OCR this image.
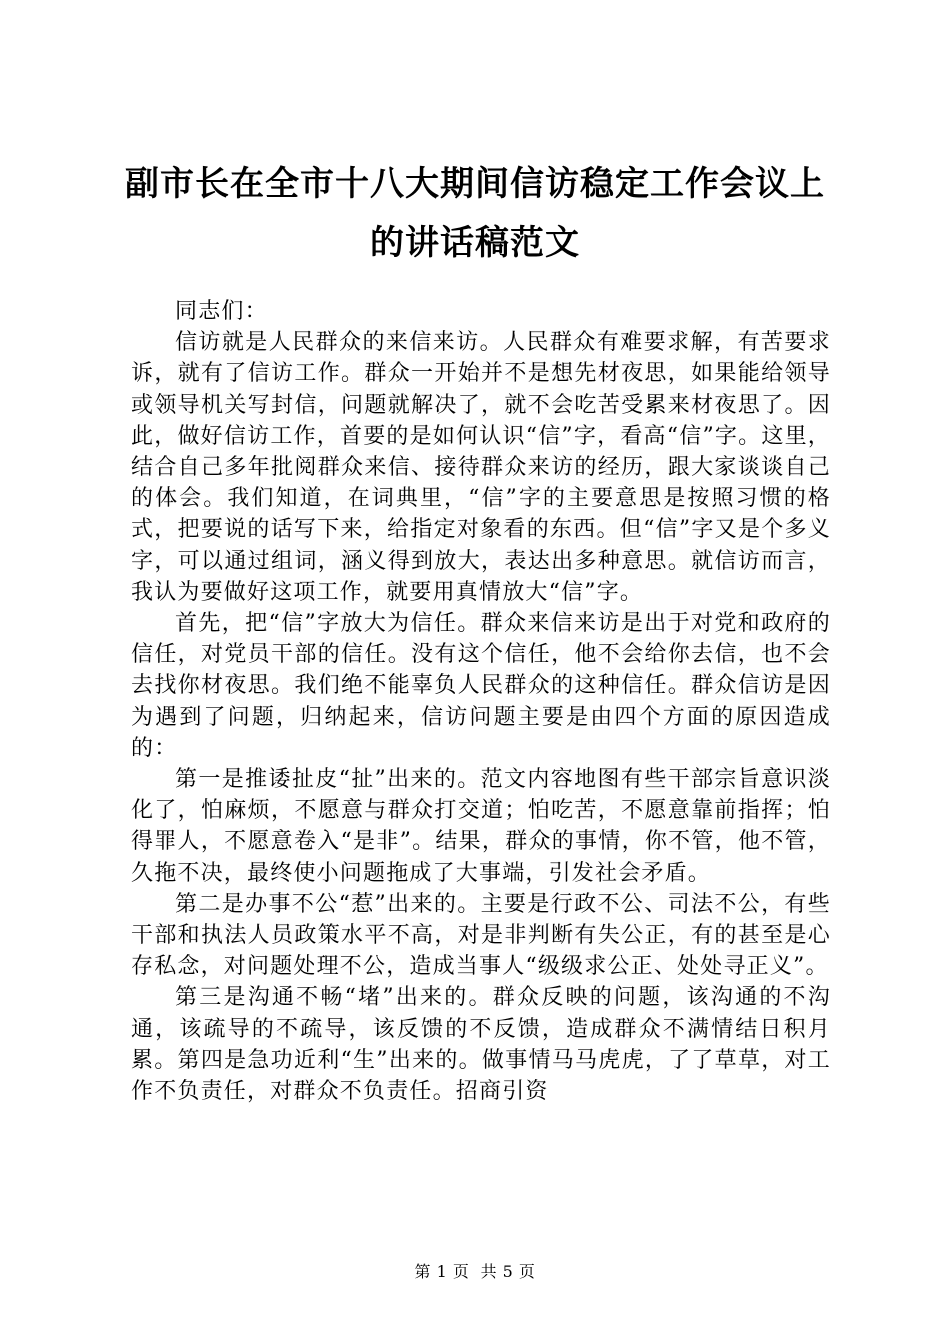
副市长在全市十八大期间信访稳定工作会议上
的讲话稿范文

同志们：

信访就是人民群众的来信来访。人民群众有难要求解，有苦要求诉，就有了信访工作。群众一开始并不是想先材夜思，如果能给领导或领导机关写封信，问题就解决了，就不会吃苦受累来材夜思了。因此，做好信访工作，首要的是如何认识“信”字，看高“信”字。这里，结合自己多年批阅群众来信、接待群众来访的经历，跟大家谈谈自己的体会。我们知道，在词典里，“信”字的主要意思是按照习惯的格式，把要说的话写下来，给指定对象看的东西。但“信”字又是个多义字，可以通过组词，涵义得到放大，表达出多种意思。就信访而言，我认为要做好这项工作，就要用真情放大“信”字。

首先，把“信”字放大为信任。群众来信来访是出于对党和政府的信任，对党员干部的信任。没有这个信任，他不会给你去信，也不会去找你材夜思。我们绝不能辜负人民群众的这种信任。群众信访是因为遇到了问题，归纳起来，信访问题主要是由四个方面的原因造成的：

第一是推诿扯皮“扯”出来的。范文内容地图有些干部宗旨意识淡化了，怕麻烦，不愿意与群众打交道；怕吃苦，不愿意靠前指挥；怕得罪人，不愿意卷入“是非”。结果，群众的事情，你不管，他不管，久拖不决，最终使小问题拖成了大事端，引发社会矛盾。

第二是办事不公“惹”出来的。主要是行政不公、司法不公，有些干部和执法人员政策水平不高，对是非判断有失公正，有的甚至是心存私念，对问题处理不公，造成当事人“级级求公正、处处寻正义”。

第三是沟通不畅“堵”出来的。群众反映的问题，该沟通的不沟通，该疏导的不疏导，该反馈的不反馈，造成群众不满情结日积月累。第四是急功近利“生”出来的。做事情马马虎虎，了了草草，对工作不负责任，对群众不负责任。招商引资

第 1 页  共 5 页
